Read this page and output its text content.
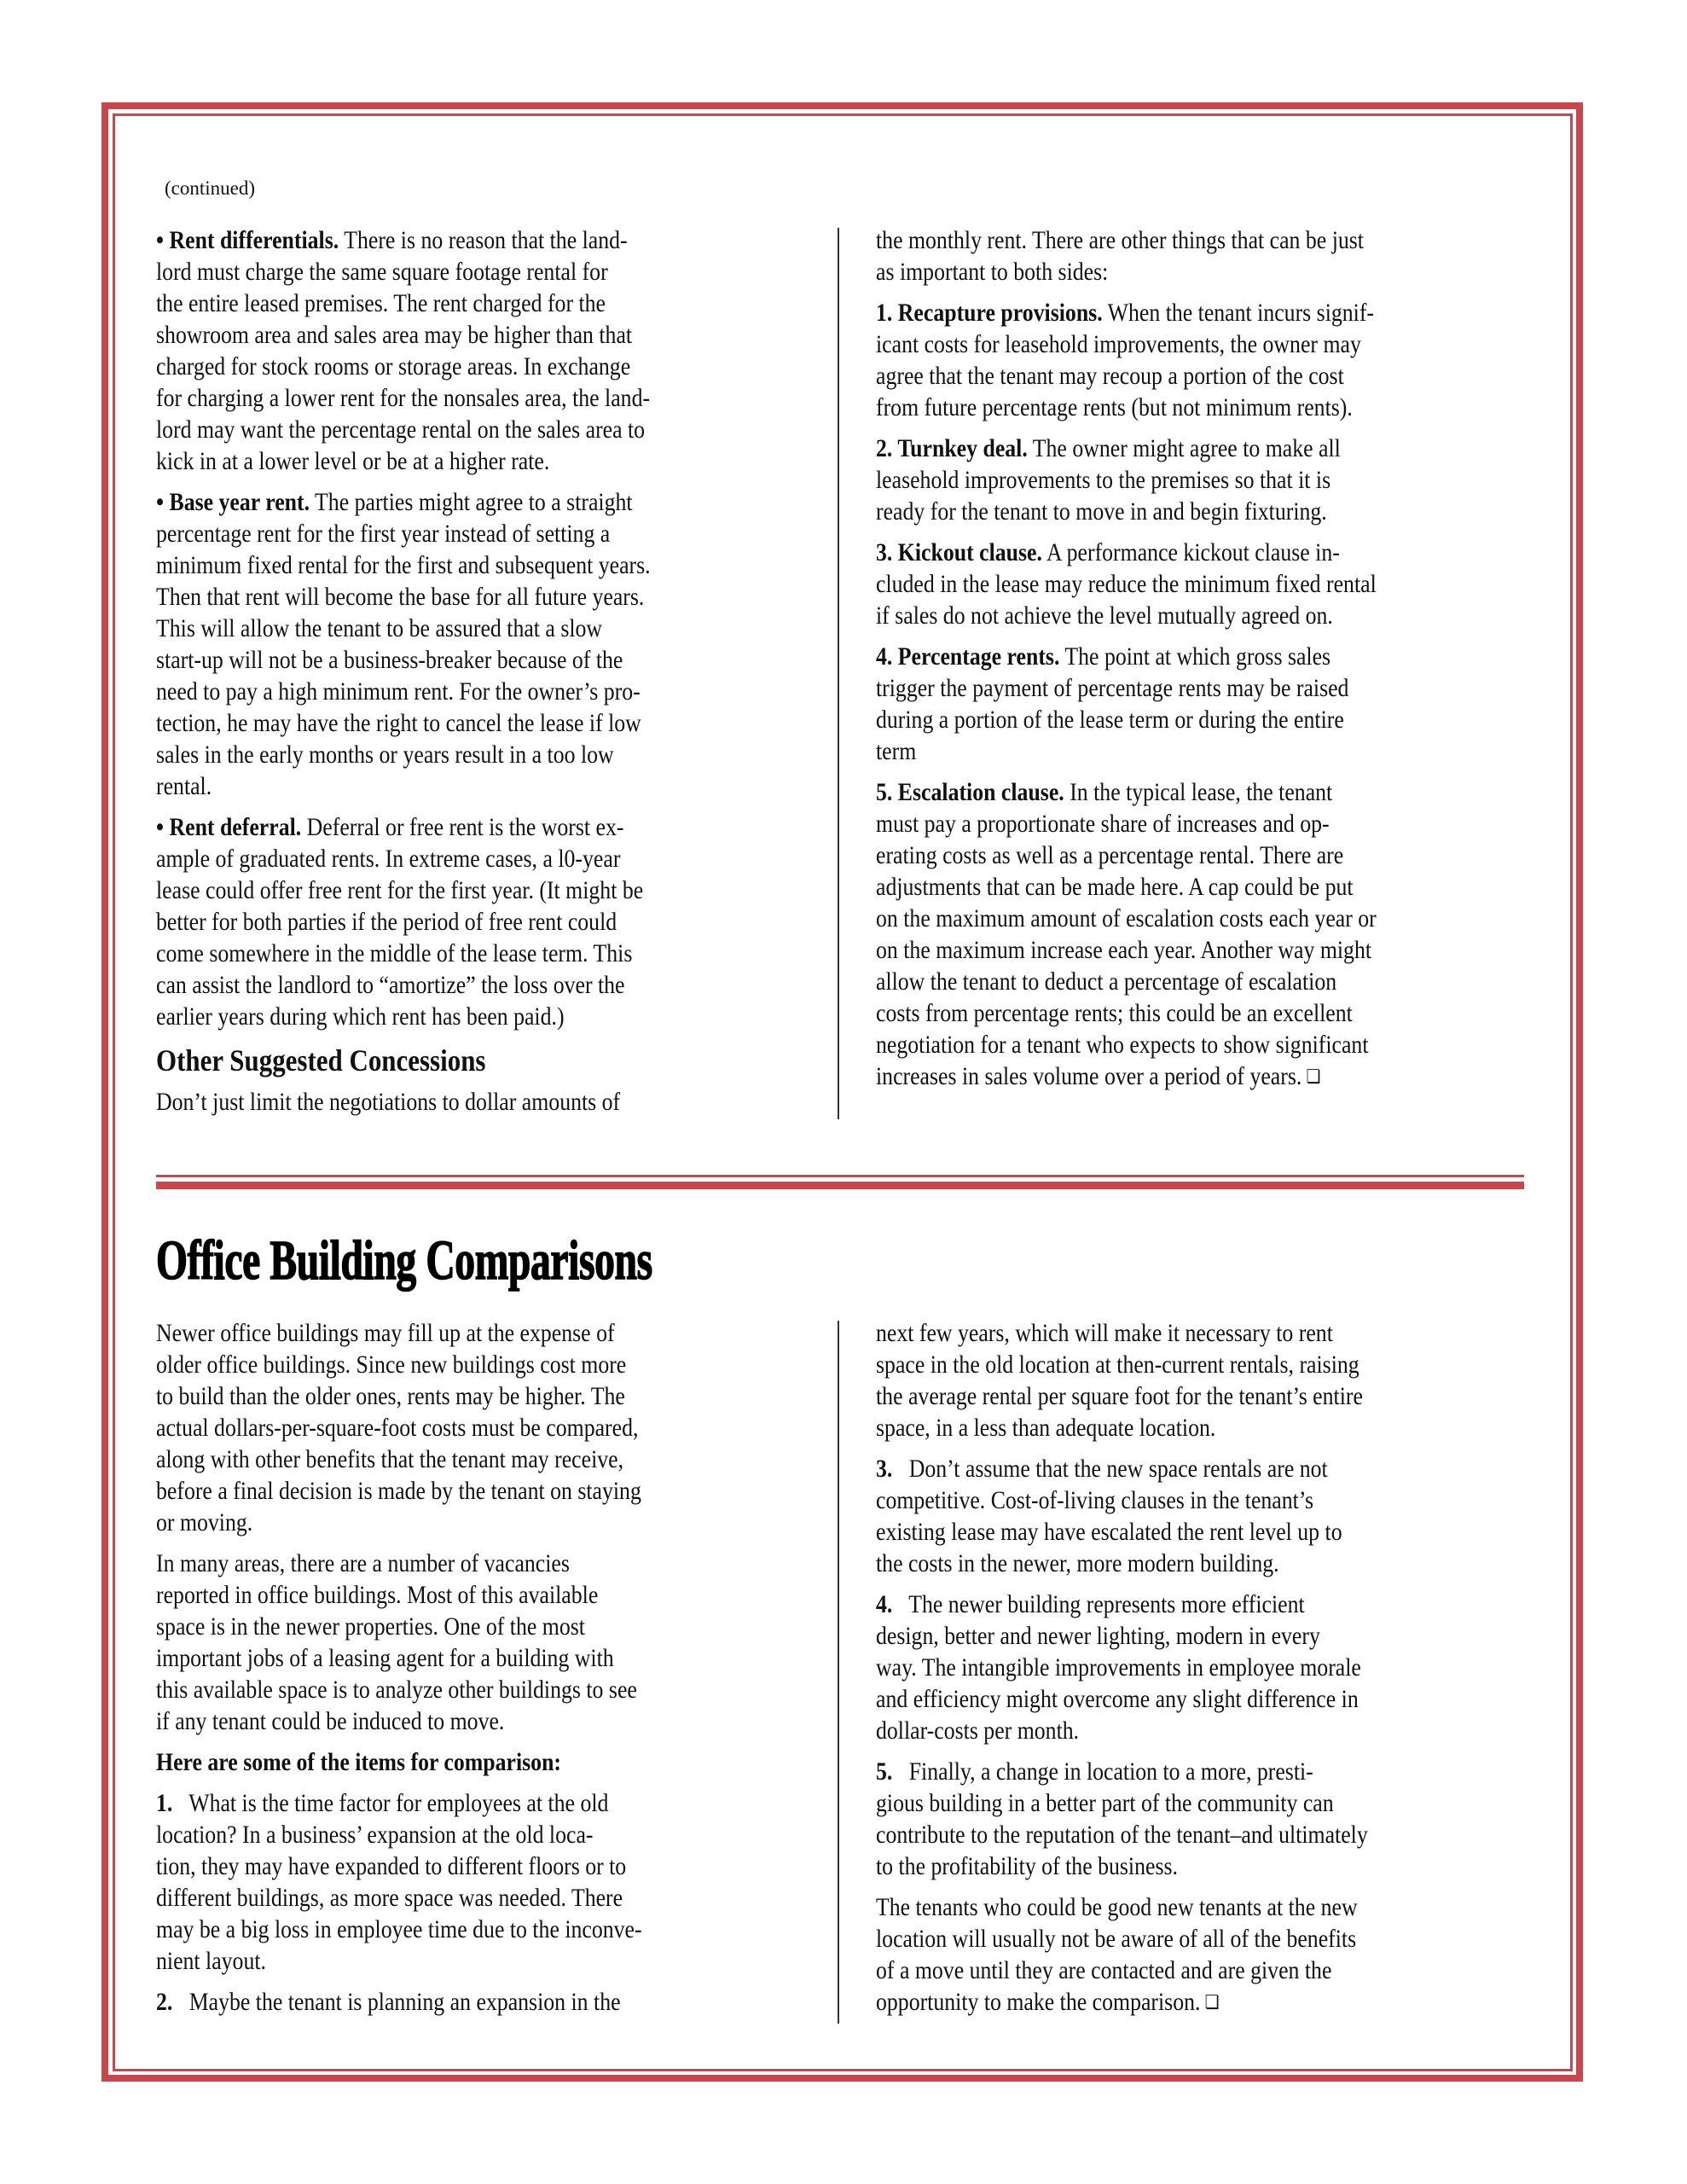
(continued)
• Rent differentials. There is no reason that the land-
lord must charge the same square footage rental for
the entire leased premises. The rent charged for the
showroom area and sales area may be higher than that
charged for stock rooms or storage areas. In exchange
for charging a lower rent for the nonsales area, the land-
lord may want the percentage rental on the sales area to
kick in at a lower level or be at a higher rate.
• Base year rent. The parties might agree to a straight
percentage rent for the first year instead of setting a
minimum fixed rental for the first and subsequent years.
Then that rent will become the base for all future years.
This will allow the tenant to be assured that a slow
start-up will not be a business-breaker because of the
need to pay a high minimum rent. For the owner’s pro-
tection, he may have the right to cancel the lease if low
sales in the early months or years result in a too low
rental.
• Rent deferral. Deferral or free rent is the worst ex-
ample of graduated rents. In extreme cases, a l0-year
lease could offer free rent for the first year. (It might be
better for both parties if the period of free rent could
come somewhere in the middle of the lease term. This
can assist the landlord to “amortize” the loss over the
earlier years during which rent has been paid.)
Other Suggested Concessions
Don’t just limit the negotiations to dollar amounts of
the monthly rent. There are other things that can be just
as important to both sides:
1. Recapture provisions. When the tenant incurs signif-
icant costs for leasehold improvements, the owner may
agree that the tenant may recoup a portion of the cost
from future percentage rents (but not minimum rents).
2. Turnkey deal. The owner might agree to make all
leasehold improvements to the premises so that it is
ready for the tenant to move in and begin fixturing.
3. Kickout clause. A performance kickout clause in-
cluded in the lease may reduce the minimum fixed rental
if sales do not achieve the level mutually agreed on.
4. Percentage rents. The point at which gross sales
trigger the payment of percentage rents may be raised
during a portion of the lease term or during the entire
term
5. Escalation clause. In the typical lease, the tenant
must pay a proportionate share of increases and op-
erating costs as well as a percentage rental. There are
adjustments that can be made here. A cap could be put
on the maximum amount of escalation costs each year or
on the maximum increase each year. Another way might
allow the tenant to deduct a percentage of escalation
costs from percentage rents; this could be an excellent
negotiation for a tenant who expects to show significant
increases in sales volume over a period of years. ❏
Office Building Comparisons
Newer office buildings may fill up at the expense of
older office buildings. Since new buildings cost more
to build than the older ones, rents may be higher. The
actual dollars-per-square-foot costs must be compared,
along with other benefits that the tenant may receive,
before a final decision is made by the tenant on staying
or moving.
In many areas, there are a number of vacancies
reported in office buildings. Most of this available
space is in the newer properties. One of the most
important jobs of a leasing agent for a building with
this available space is to analyze other buildings to see
if any tenant could be induced to move.
Here are some of the items for comparison:
1.   What is the time factor for employees at the old
location? In a business’ expansion at the old loca-
tion, they may have expanded to different floors or to
different buildings, as more space was needed. There
may be a big loss in employee time due to the inconve-
nient layout.
2.   Maybe the tenant is planning an expansion in the
next few years, which will make it necessary to rent
space in the old location at then-current rentals, raising
the average rental per square foot for the tenant’s entire
space, in a less than adequate location.
3.   Don’t assume that the new space rentals are not
competitive. Cost-of-living clauses in the tenant’s
existing lease may have escalated the rent level up to
the costs in the newer, more modern building.
4.   The newer building represents more efficient
design, better and newer lighting, modern in every
way. The intangible improvements in employee morale
and efficiency might overcome any slight difference in
dollar-costs per month.
5.   Finally, a change in location to a more, presti-
gious building in a better part of the community can
contribute to the reputation of the tenant–and ultimately
to the profitability of the business.
The tenants who could be good new tenants at the new
location will usually not be aware of all of the benefits
of a move until they are contacted and are given the
opportunity to make the comparison. ❏
